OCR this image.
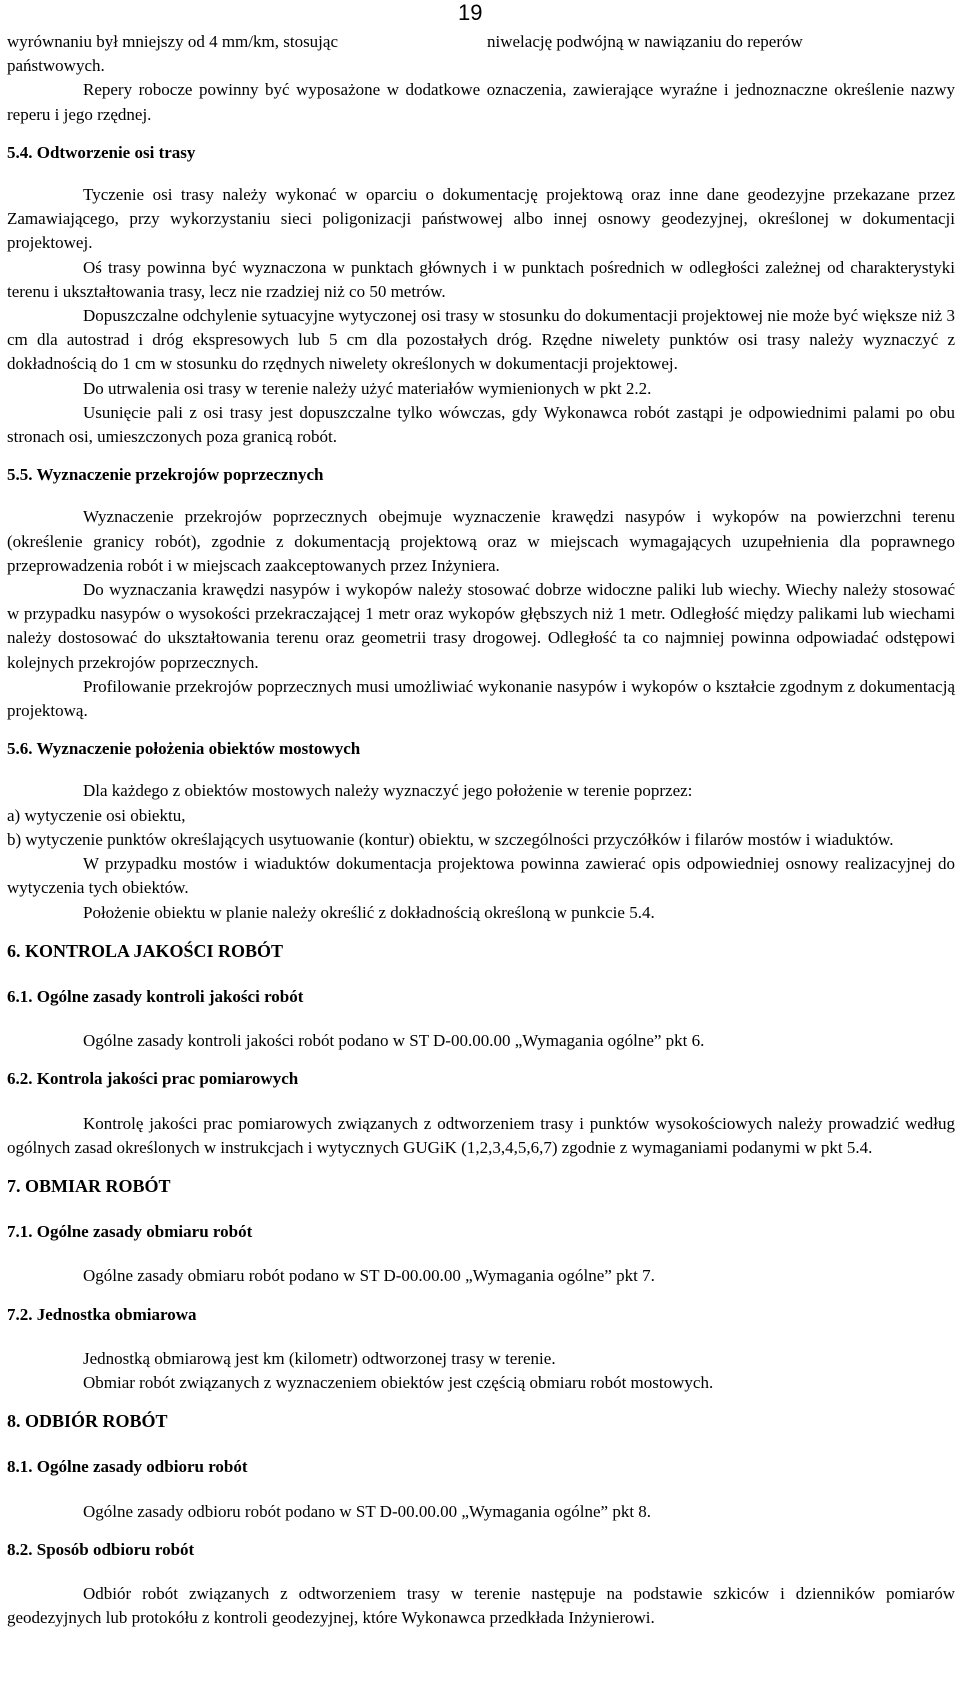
19
wyrównaniu był mniejszy od 4 mm/km, stosując	niwelację podwójną w nawiązaniu do reperów

państwowych.

Repery robocze powinny być wyposażone w dodatkowe oznaczenia, zawierające wyraźne i jednoznaczne określenie nazwy reperu i jego rzędnej.

5.4. Odtworzenie osi trasy

Tyczenie osi trasy należy wykonać w oparciu o dokumentację projektową oraz inne dane geodezyjne przekazane przez Zamawiającego, przy wykorzystaniu sieci poligonizacji państwowej albo innej osnowy geodezyjnej, określonej w dokumentacji projektowej.

Oś trasy powinna być wyznaczona w punktach głównych i w punktach pośrednich w odległości zależnej od charakterystyki terenu i ukształtowania trasy, lecz nie rzadziej niż co 50 metrów.

Dopuszczalne odchylenie sytuacyjne wytyczonej osi trasy w stosunku do dokumentacji projektowej nie może być większe niż 3 cm dla autostrad i dróg ekspresowych lub 5 cm dla pozostałych dróg. Rzędne niwelety punktów osi trasy należy wyznaczyć z dokładnością do 1 cm w stosunku do rzędnych niwelety określonych w dokumentacji projektowej.

Do utrwalenia osi trasy w terenie należy użyć materiałów wymienionych w pkt 2.2.

Usunięcie pali z osi trasy jest dopuszczalne tylko wówczas, gdy Wykonawca robót zastąpi je odpowiednimi palami po obu stronach osi, umieszczonych poza granicą robót.

5.5. Wyznaczenie przekrojów poprzecznych

Wyznaczenie przekrojów poprzecznych obejmuje wyznaczenie krawędzi nasypów i wykopów na powierzchni terenu (określenie granicy robót), zgodnie z dokumentacją projektową oraz w miejscach wymagających uzupełnienia dla poprawnego przeprowadzenia robót i w miejscach zaakceptowanych przez Inżyniera.

Do wyznaczania krawędzi nasypów i wykopów należy stosować dobrze widoczne paliki lub wiechy. Wiechy należy stosować w przypadku nasypów o wysokości przekraczającej 1 metr oraz wykopów głębszych niż 1 metr. Odległość między palikami lub wiechami należy dostosować do ukształtowania terenu oraz geometrii trasy drogowej. Odległość ta co najmniej powinna odpowiadać odstępowi kolejnych przekrojów poprzecznych.

Profilowanie przekrojów poprzecznych musi umożliwiać wykonanie nasypów i wykopów o kształcie zgodnym z dokumentacją projektową.

5.6. Wyznaczenie położenia obiektów mostowych

Dla każdego z obiektów mostowych należy wyznaczyć jego położenie w terenie poprzez:

a) wytyczenie osi obiektu,

b) wytyczenie punktów określających usytuowanie (kontur) obiektu, w szczególności przyczółków i filarów mostów i wiaduktów.

W przypadku mostów i wiaduktów dokumentacja projektowa powinna zawierać opis odpowiedniej osnowy realizacyjnej do wytyczenia tych obiektów.

Położenie obiektu w planie należy określić z dokładnością określoną w punkcie 5.4.

6. KONTROLA JAKOŚCI ROBÓT

6.1. Ogólne zasady kontroli jakości robót

Ogólne zasady kontroli jakości robót podano w ST D-00.00.00 „Wymagania ogólne” pkt 6.

6.2. Kontrola jakości prac pomiarowych

Kontrolę jakości prac pomiarowych związanych z odtworzeniem trasy i punktów wysokościowych należy prowadzić według ogólnych zasad określonych w instrukcjach i wytycznych GUGiK (1,2,3,4,5,6,7) zgodnie z wymaganiami podanymi w pkt 5.4.

7. OBMIAR ROBÓT

7.1. Ogólne zasady obmiaru robót

Ogólne zasady obmiaru robót podano w ST D-00.00.00 „Wymagania ogólne” pkt 7.

7.2. Jednostka obmiarowa

Jednostką obmiarową jest km (kilometr) odtworzonej trasy w terenie.

Obmiar robót związanych z wyznaczeniem obiektów jest częścią obmiaru robót mostowych.

8. ODBIÓR ROBÓT

8.1. Ogólne zasady odbioru robót

Ogólne zasady odbioru robót podano w ST D-00.00.00 „Wymagania ogólne” pkt 8.

8.2. Sposób odbioru robót

Odbiór robót związanych z odtworzeniem trasy w terenie następuje na podstawie szkiców i dzienników pomiarów geodezyjnych lub protokółu z kontroli geodezyjnej, które Wykonawca przedkłada Inżynierowi.
